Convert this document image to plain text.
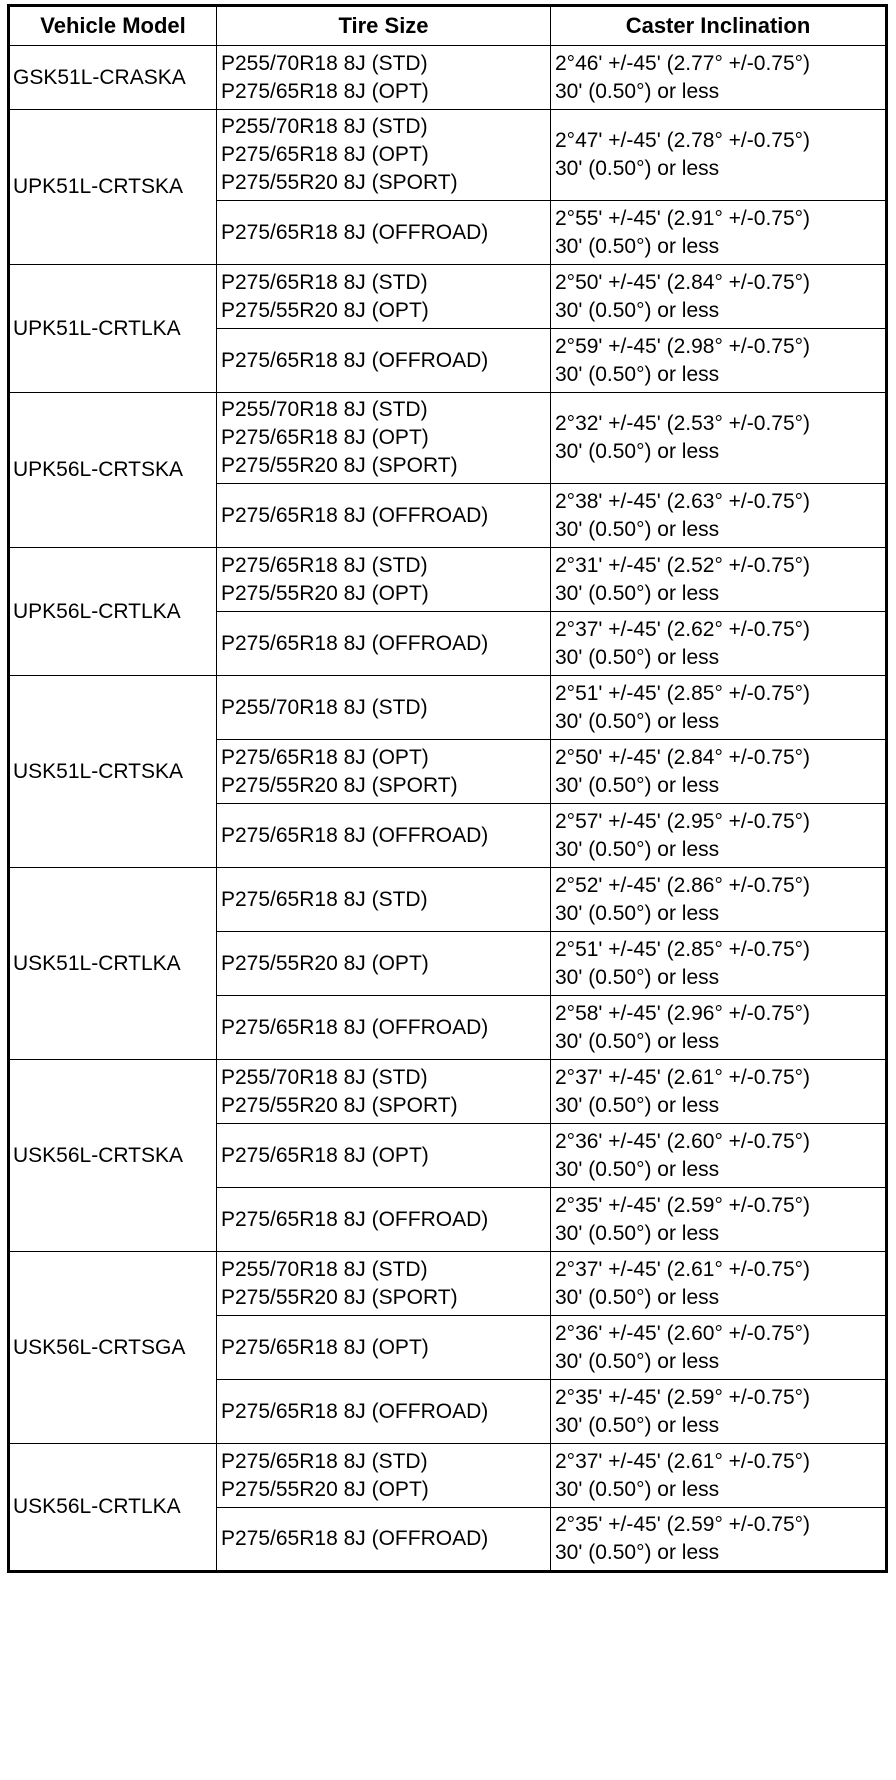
Vehicle Model	Tire Size	Caster Inclination
GSK51L-CRASKA	P255/70R18 8J (STD)
P275/65R18 8J (OPT)	2°46' +/-45' (2.77° +/-0.75°)
30' (0.50°) or less

UPK51L-CRTSKA	P255/70R18 8J (STD)
P275/65R18 8J (OPT)
P275/55R20 8J (SPORT)	2°47' +/-45' (2.78° +/-0.75°)
30' (0.50°) or less

	P275/65R18 8J (OFFROAD)	2°55' +/-45' (2.91° +/-0.75°)
30' (0.50°) or less

UPK51L-CRTLKA	P275/65R18 8J (STD)
P275/55R20 8J (OPT)	2°50' +/-45' (2.84° +/-0.75°)
30' (0.50°) or less

	P275/65R18 8J (OFFROAD)	2°59' +/-45' (2.98° +/-0.75°)
30' (0.50°) or less

UPK56L-CRTSKA	P255/70R18 8J (STD)
P275/65R18 8J (OPT)
P275/55R20 8J (SPORT)	2°32' +/-45' (2.53° +/-0.75°)
30' (0.50°) or less

	P275/65R18 8J (OFFROAD)	2°38' +/-45' (2.63° +/-0.75°)
30' (0.50°) or less

UPK56L-CRTLKA	P275/65R18 8J (STD)
P275/55R20 8J (OPT)	2°31' +/-45' (2.52° +/-0.75°)
30' (0.50°) or less

	P275/65R18 8J (OFFROAD)	2°37' +/-45' (2.62° +/-0.75°)
30' (0.50°) or less

USK51L-CRTSKA	P255/70R18 8J (STD)	2°51' +/-45' (2.85° +/-0.75°)
30' (0.50°) or less

	P275/65R18 8J (OPT)
P275/55R20 8J (SPORT)	2°50' +/-45' (2.84° +/-0.75°)
30' (0.50°) or less

	P275/65R18 8J (OFFROAD)	2°57' +/-45' (2.95° +/-0.75°)
30' (0.50°) or less

USK51L-CRTLKA	P275/65R18 8J (STD)	2°52' +/-45' (2.86° +/-0.75°)
30' (0.50°) or less

	P275/55R20 8J (OPT)	2°51' +/-45' (2.85° +/-0.75°)
30' (0.50°) or less

	P275/65R18 8J (OFFROAD)	2°58' +/-45' (2.96° +/-0.75°)
30' (0.50°) or less

USK56L-CRTSKA	P255/70R18 8J (STD)
P275/55R20 8J (SPORT)	2°37' +/-45' (2.61° +/-0.75°)
30' (0.50°) or less

	P275/65R18 8J (OPT)	2°36' +/-45' (2.60° +/-0.75°)
30' (0.50°) or less

	P275/65R18 8J (OFFROAD)	2°35' +/-45' (2.59° +/-0.75°)
30' (0.50°) or less

USK56L-CRTSGA	P255/70R18 8J (STD)
P275/55R20 8J (SPORT)	2°37' +/-45' (2.61° +/-0.75°)
30' (0.50°) or less

	P275/65R18 8J (OPT)	2°36' +/-45' (2.60° +/-0.75°)
30' (0.50°) or less

	P275/65R18 8J (OFFROAD)	2°35' +/-45' (2.59° +/-0.75°)
30' (0.50°) or less

USK56L-CRTLKA	P275/65R18 8J (STD)
P275/55R20 8J (OPT)	2°37' +/-45' (2.61° +/-0.75°)
30' (0.50°) or less

	P275/65R18 8J (OFFROAD)	2°35' +/-45' (2.59° +/-0.75°)
30' (0.50°) or less
